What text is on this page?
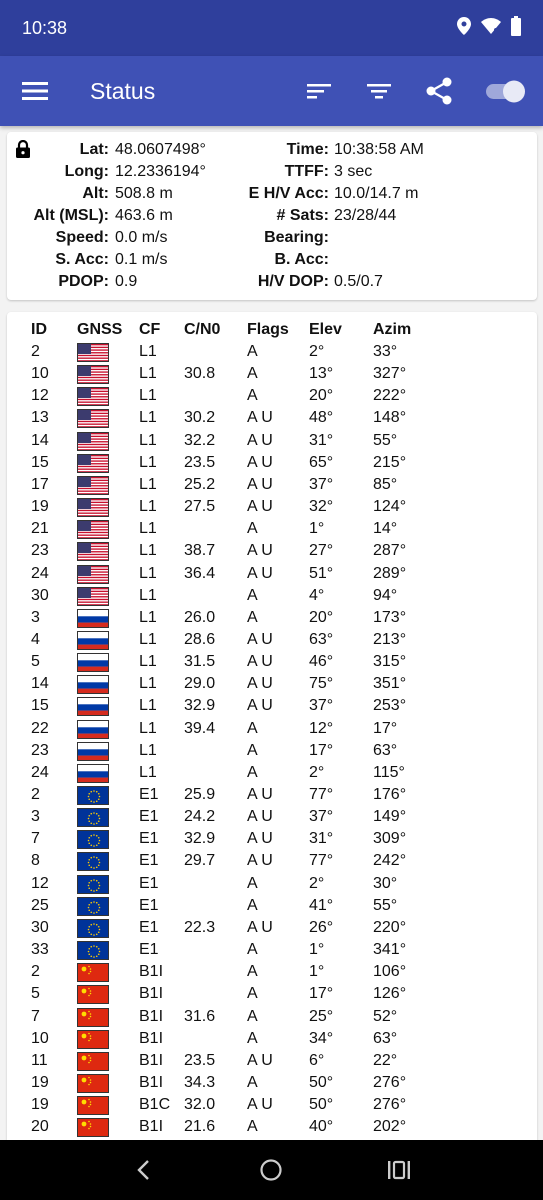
10:38
Status
Lat: 48.0607498°	Time: 10:38:58 AM
Long: 12.2336194°	TTFF: 3 sec
Alt: 508.8 m	E H/V Acc: 10.0/14.7 m
Alt (MSL): 463.6 m	# Sats: 23/28/44
Speed: 0.0 m/s	Bearing:
S. Acc: 0.1 m/s	B. Acc:
PDOP: 0.9	H/V DOP: 0.5/0.7
ID GNSS CF C/N0 Flags Elev Azim
2	L1	A	2°	33°
10	L1 30.8 A	13° 327°
12	L1	A	20° 222°
13	L1 30.2 A U 48° 148°
14	L1 32.2 A U 31° 55°
15	L1 23.5 A U 65° 215°
17	L1 25.2 A U 37° 85°
19	L1 27.5 A U 32° 124°
21	L1	A	1°	14°
23	L1 38.7 A U 27° 287°
24	L1 36.4 A U 51° 289°
30	L1	A	4°	94°
3	L1 26.0 A	20° 173°
4	L1 28.6 A U 63° 213°
5	L1 31.5 A U 46° 315°
14	L1 29.0 A U 75° 351°
15	L1 32.9 A U 37° 253°
22	L1 39.4 A	12° 17°
23	L1	A	17° 63°
24	L1	A	2°	115°
2	E1 25.9 A U 77° 176°
3	E1 24.2 A U 37° 149°
7	E1 32.9 A U 31° 309°
8	E1 29.7 A U 77° 242°
12	E1	A	2°	30°
25	E1	A	41° 55°
30	E1 22.3 A U 26° 220°
33	E1	A	1°	341°
2	B1I	A	1°	106°
5	B1I	A	17° 126°
7	B1I 31.6 A	25° 52°
10	B1I	A	34° 63°
11	B1I 23.5 A U 6°	22°
19	B1I 34.3 A	50° 276°
19	B1C 32.0 A U 50° 276°
20	B1I 21.6 A	40° 202°
